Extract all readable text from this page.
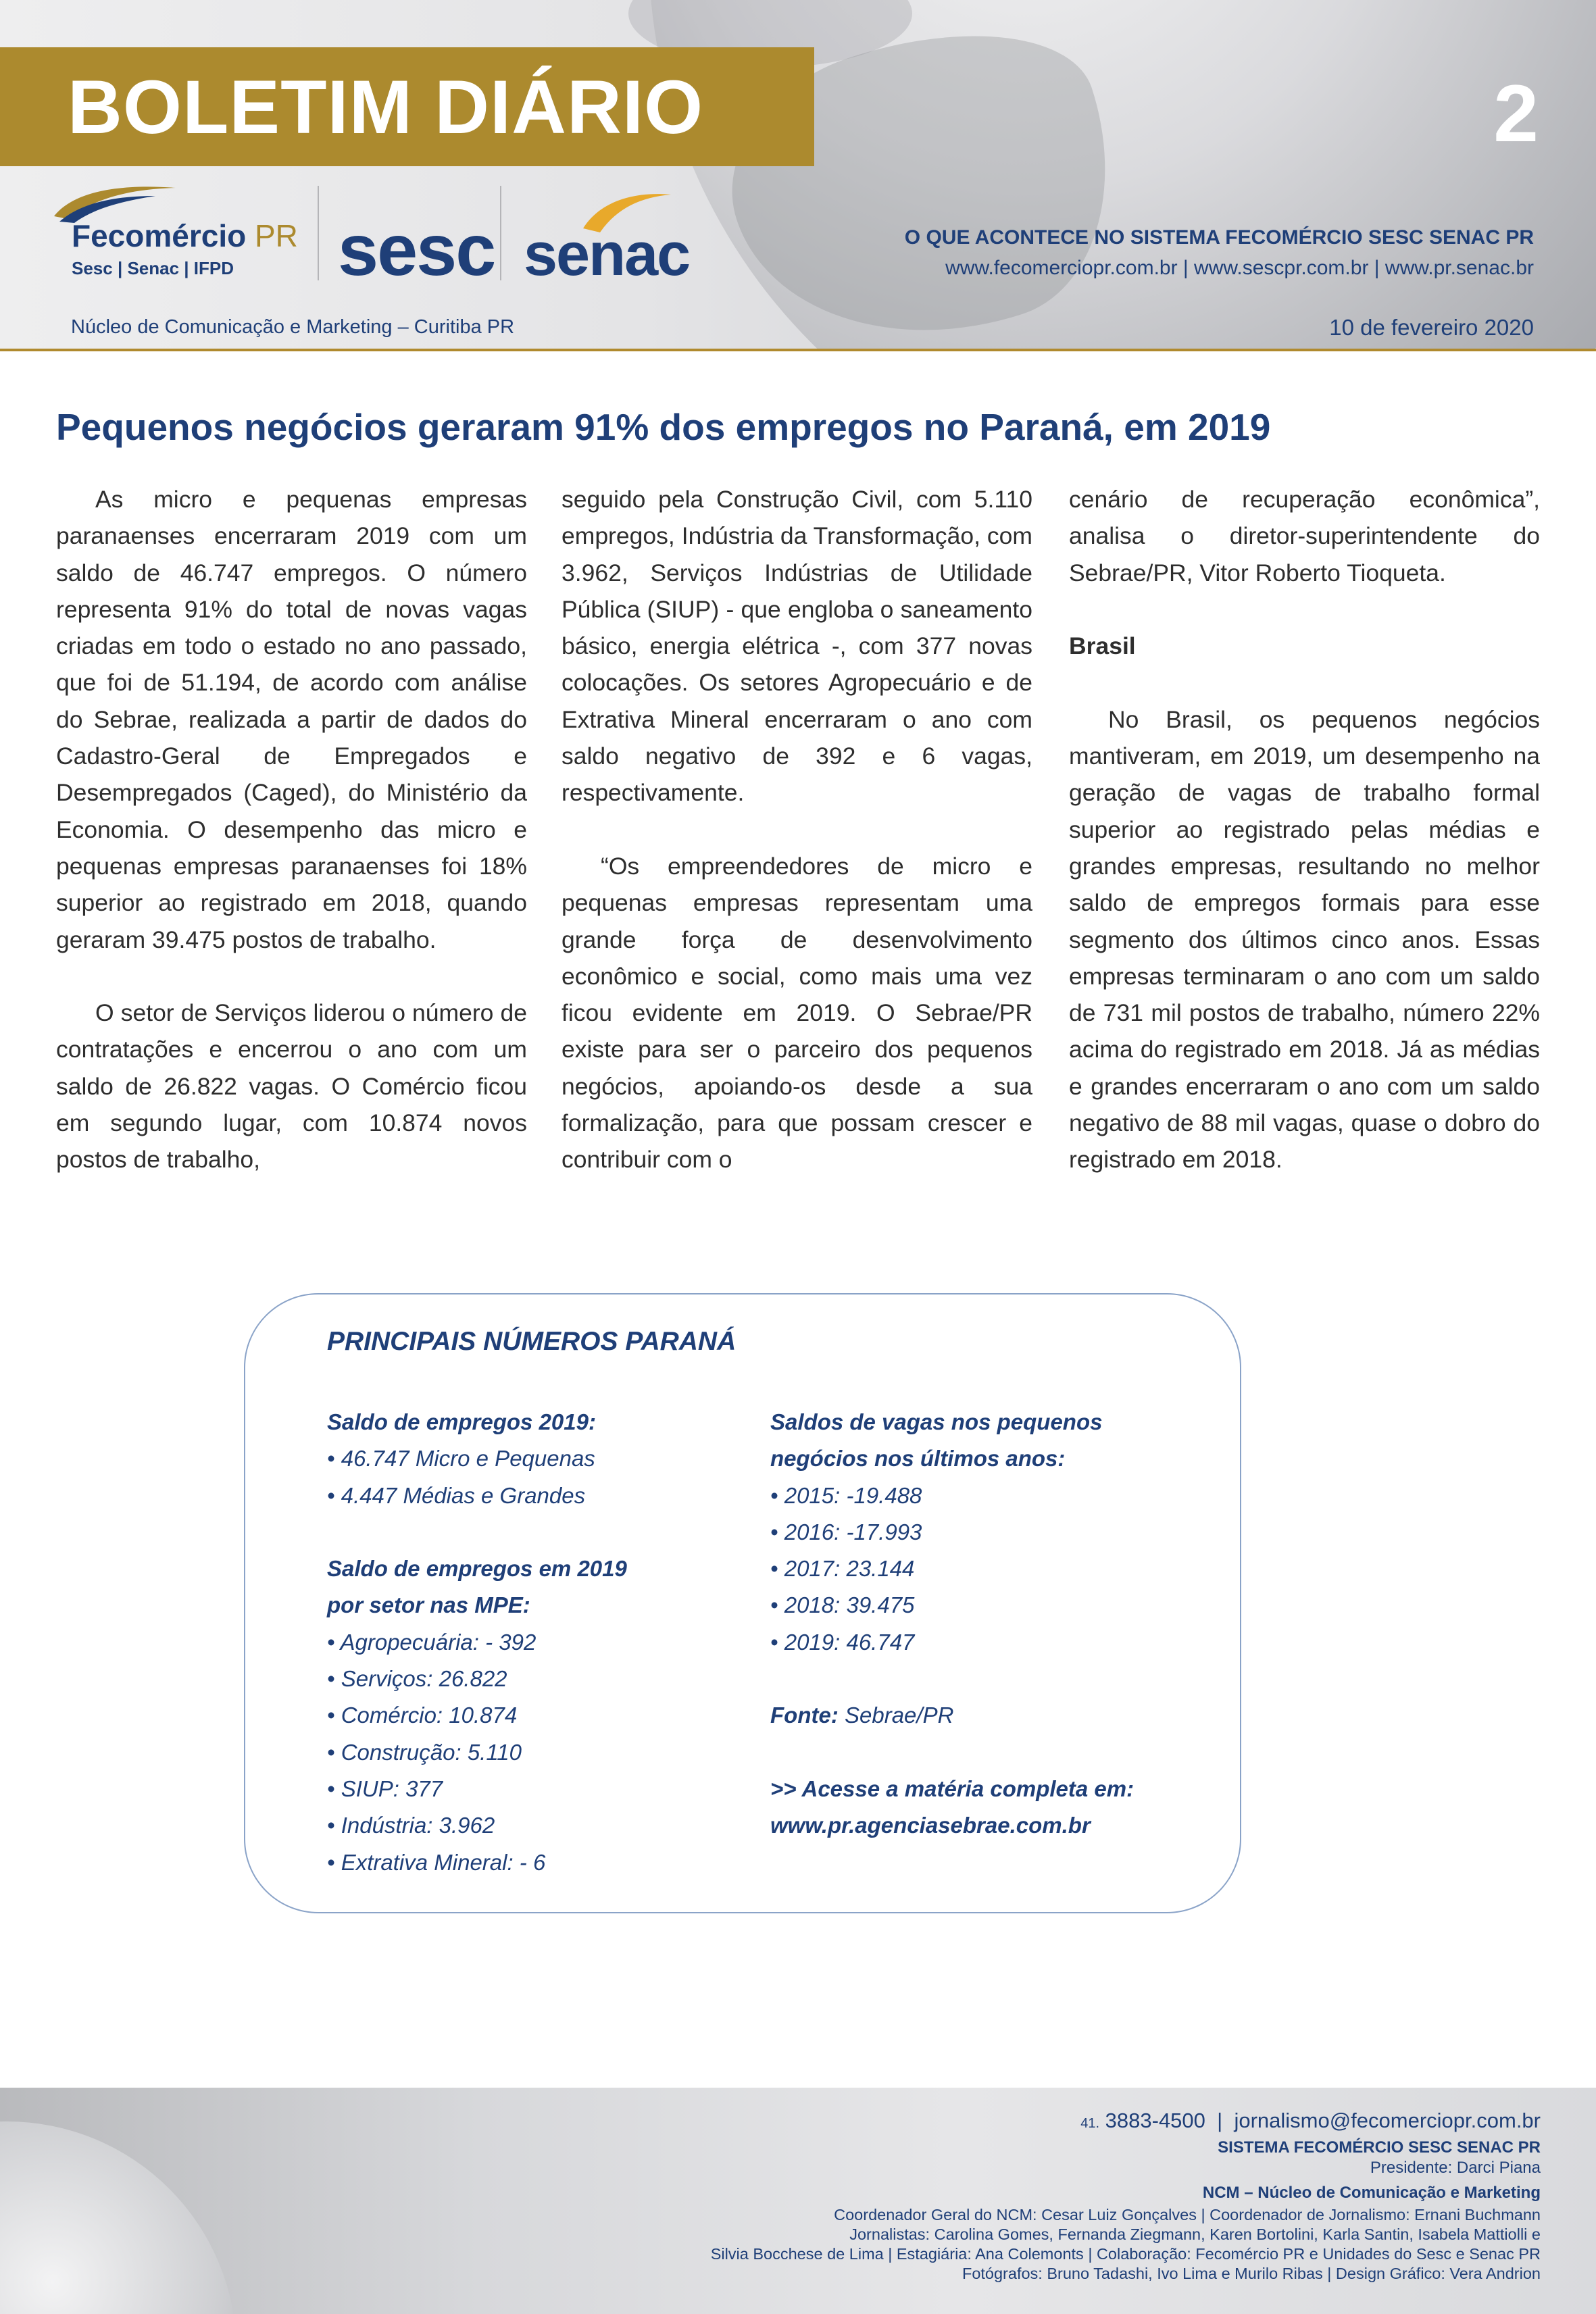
BOLETIM DIÁRIO	2
Fecomércio PR
Sesc | Senac | IFPD sesc senac	O QUE ACONTECE NO SISTEMA FECOMÉRCIO SESC SENAC PR
www.fecomerciopr.com.br | www.sescpr.com.br | www.pr.senac.br
Núcleo de Comunicação e Marketing – Curitiba PR	10 de fevereiro 2020
Pequenos negócios geraram 91% dos empregos no Paraná, em 2019

As micro e pequenas empresas paranaenses encerraram 2019 com um saldo de 46.747 empregos. O número representa 91% do total de novas vagas criadas em todo o estado no ano passado, que foi de 51.194, de acordo com análise do Sebrae, realizada a partir de dados do Cadastro-Geral de Empregados e Desempregados (Caged), do Ministério da Economia. O desempenho das micro e pequenas empresas paranaenses foi 18% superior ao registrado em 2018, quando geraram 39.475 postos de trabalho.

O setor de Serviços liderou o número de contratações e encerrou o ano com um saldo de 26.822 vagas. O Comércio ficou em segundo lugar, com 10.874 novos postos de trabalho,

seguido pela Construção Civil, com 5.110 empregos, Indústria da Transformação, com 3.962, Serviços Indústrias de Utilidade Pública (SIUP) - que engloba o saneamento básico, energia elétrica -, com 377 novas colocações. Os setores Agropecuário e de Extrativa Mineral encerraram o ano com saldo negativo de 392 e 6 vagas, respectivamente.

“Os empreendedores de micro e pequenas empresas representam uma grande força de desenvolvimento econômico e social, como mais uma vez ficou evidente em 2019. O Sebrae/PR existe para ser o parceiro dos pequenos negócios, apoiando-os desde a sua formalização, para que possam crescer e contribuir com o

cenário de recuperação econômica”, analisa o diretor-superintendente do Sebrae/PR, Vitor Roberto Tioqueta.

Brasil

No Brasil, os pequenos negócios mantiveram, em 2019, um desempenho na geração de vagas de trabalho formal superior ao registrado pelas médias e grandes empresas, resultando no melhor saldo de empregos formais para esse segmento dos últimos cinco anos. Essas empresas terminaram o ano com um saldo de 731 mil postos de trabalho, número 22% acima do registrado em 2018. Já as médias e grandes encerraram o ano com um saldo negativo de 88 mil vagas, quase o dobro do registrado em 2018.

PRINCIPAIS NÚMEROS PARANÁ
Saldo de empregos 2019:
• 46.747 Micro e Pequenas
• 4.447 Médias e Grandes
Saldo de empregos em 2019
por setor nas MPE:
• Agropecuária: - 392
• Serviços: 26.822
• Comércio: 10.874
• Construção: 5.110
• SIUP: 377
• Indústria: 3.962
• Extrativa Mineral: - 6
Saldos de vagas nos pequenos
negócios nos últimos anos:
• 2015: -19.488
• 2016: -17.993
• 2017: 23.144
• 2018: 39.475
• 2019: 46.747
Fonte: Sebrae/PR
>> Acesse a matéria completa em:
www.pr.agenciasebrae.com.br
41. 3883-4500 | jornalismo@fecomerciopr.com.br
SISTEMA FECOMÉRCIO SESC SENAC PR
Presidente: Darci Piana
NCM – Núcleo de Comunicação e Marketing
Coordenador Geral do NCM: Cesar Luiz Gonçalves | Coordenador de Jornalismo: Ernani Buchmann
Jornalistas: Carolina Gomes, Fernanda Ziegmann, Karen Bortolini, Karla Santin, Isabela Mattiolli e
Silvia Bocchese de Lima | Estagiária: Ana Colemonts | Colaboração: Fecomércio PR e Unidades do Sesc e Senac PR
Fotógrafos: Bruno Tadashi, Ivo Lima e Murilo Ribas | Design Gráfico: Vera Andrion
